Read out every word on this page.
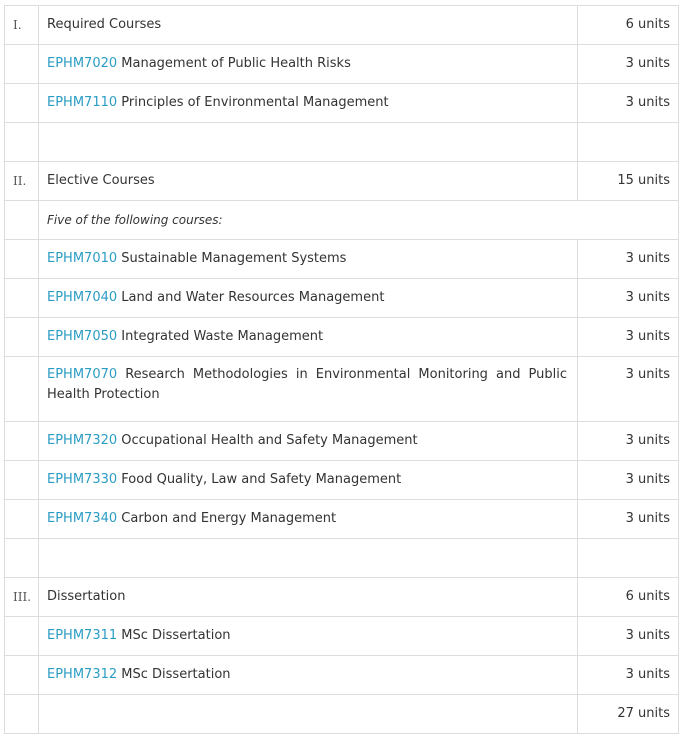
I.	Required Courses	6 units
	EPHM7020 Management of Public Health Risks	3 units
	EPHM7110 Principles of Environmental Management	3 units

II.	Elective Courses	15 units
	Five of the following courses:	
	EPHM7010 Sustainable Management Systems	3 units
	EPHM7040 Land and Water Resources Management	3 units
	EPHM7050 Integrated Waste Management	3 units
	EPHM7070 Research Methodologies in Environmental Monitoring and Public Health Protection	3 units
	EPHM7320 Occupational Health and Safety Management	3 units
	EPHM7330 Food Quality, Law and Safety Management	3 units
	EPHM7340 Carbon and Energy Management	3 units

III.	Dissertation	6 units
	EPHM7311 MSc Dissertation	3 units
	EPHM7312 MSc Dissertation	3 units
		27 units
